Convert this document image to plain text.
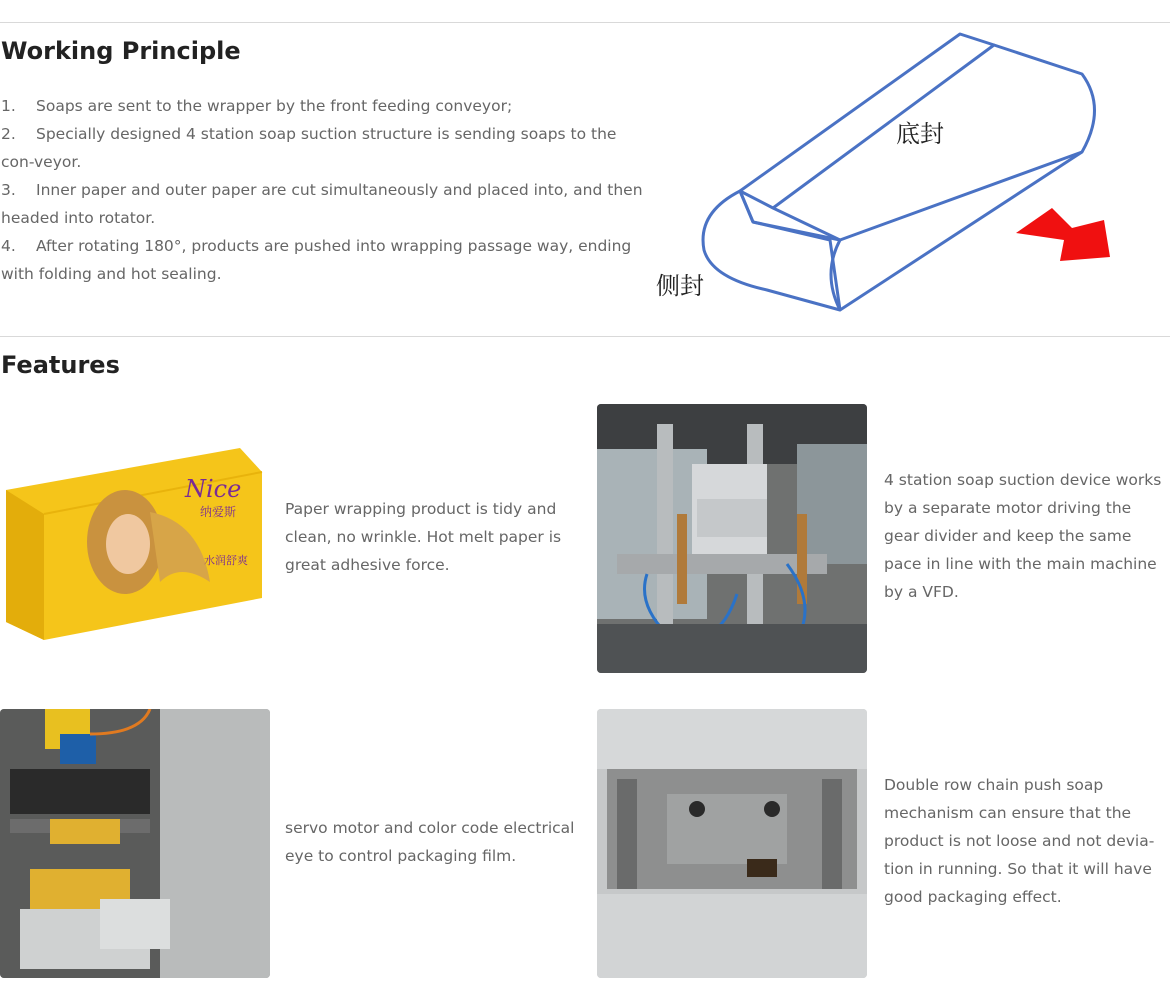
Working Principle
1. Soaps are sent to the wrapper by the front feeding conveyor;
2. Specially designed 4 station soap suction structure is sending soaps to the con-veyor.
3. Inner paper and outer paper are cut simultaneously and placed into, and then headed into rotator.
4. After rotating 180°, products are pushed into wrapping passage way, ending with folding and hot sealing.
底封
侧封
Features
Nice
纳爱斯
水润舒爽

Paper wrapping product is tidy and clean, no wrinkle. Hot melt paper is great adhesive force.

4 station soap suction device works by a separate motor driving the gear divider and keep the same pace in line with the main machine by a VFD.

servo motor and color code electrical eye to control packaging film.

Double row chain push soap mechanism can ensure that the product is not loose and not devia-tion in running. So that it will have good packaging effect.
